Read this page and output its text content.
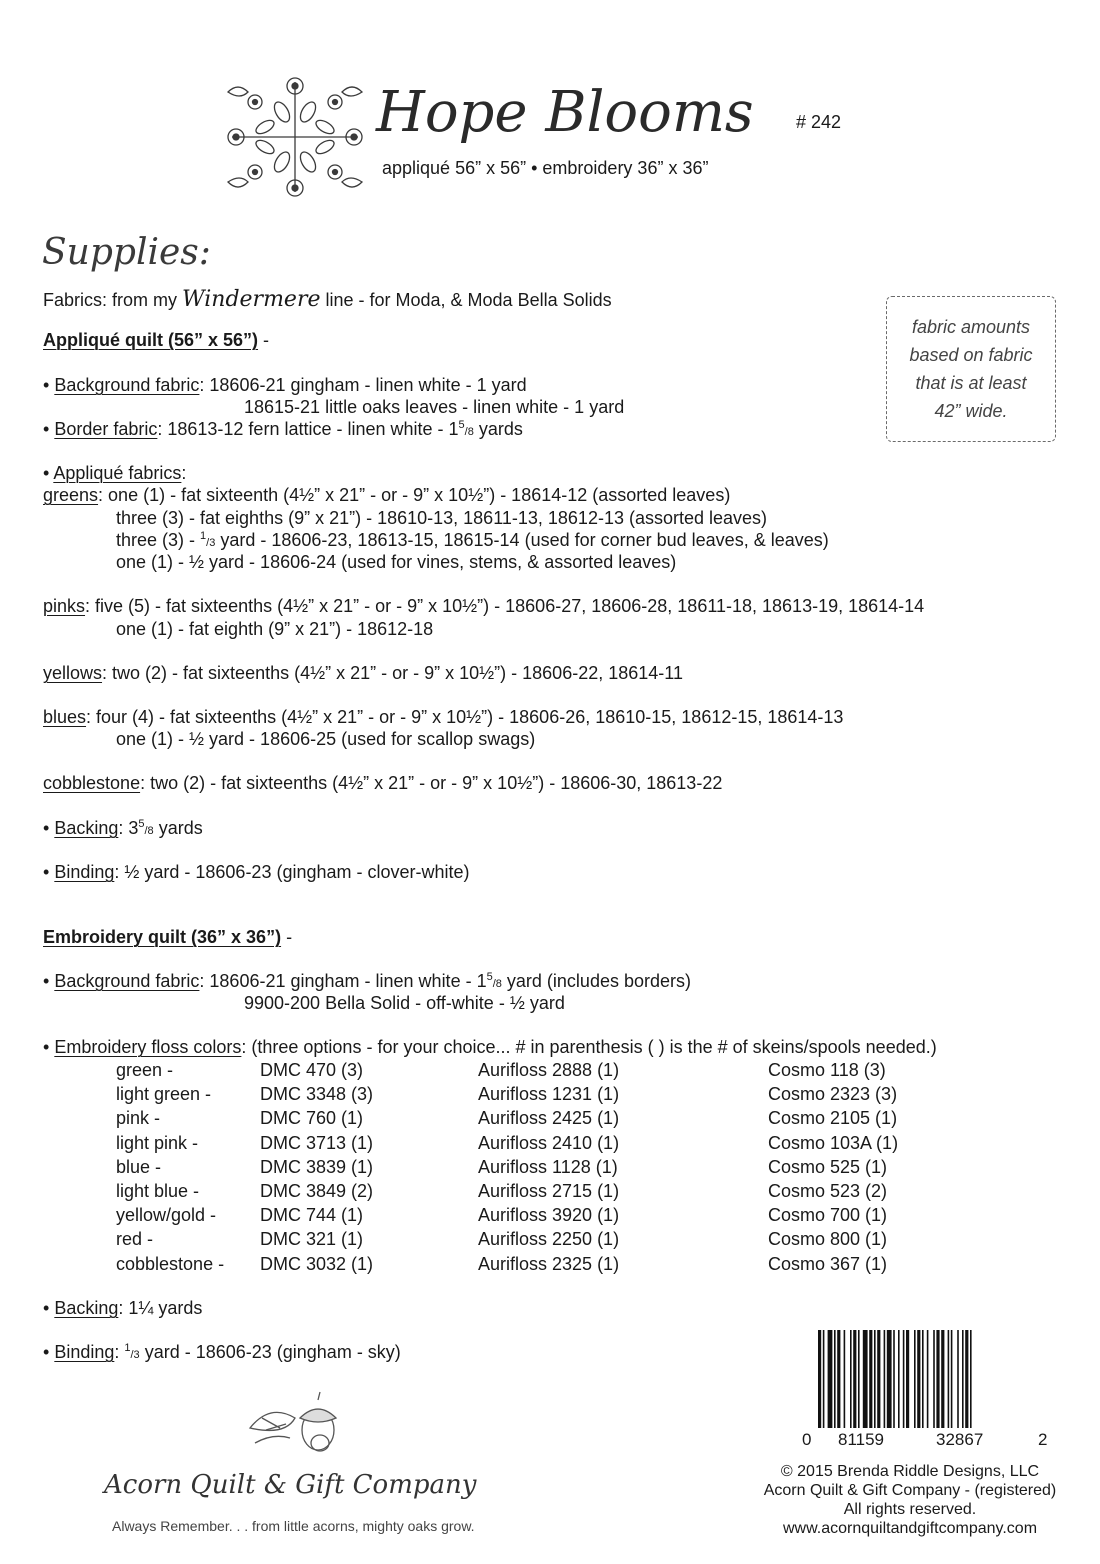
Hope Blooms # 242
appliqué 56” x 56” • embroidery 36” x 36”
Supplies:
Fabrics: from my Windermere line - for Moda, & Moda Bella Solids
fabric amounts
based on fabric
that is at least
42” wide.
Appliqué quilt (56” x 56”) -
• Background fabric: 18606-21 gingham - linen white - 1 yard
18615-21 little oaks leaves - linen white - 1 yard
• Border fabric: 18613-12 fern lattice - linen white - $1^5/8$ yards
• Appliqué fabrics:
greens: one (1) - fat sixteenth (4½” x 21” - or - 9” x 10½”) - 18614-12 (assorted leaves)
three (3) - fat eighths (9” x 21”) - 18610-13, 18611-13, 18612-13 (assorted leaves)
three (3) - $^1$/3 yard - 18606-23, 18613-15, 18615-14 (used for corner bud leaves, & leaves)
one (1) - ½ yard - 18606-24 (used for vines, stems, & assorted leaves)
pinks: five (5) - fat sixteenths (4½” x 21” - or - 9” x 10½”) - 18606-27, 18606-28, 18611-18, 18613-19, 18614-14
one (1) - fat eighth (9” x 21”) - 18612-18
yellows: two (2) - fat sixteenths (4½” x 21” - or - 9” x 10½”) - 18606-22, 18614-11
blues: four (4) - fat sixteenths (4½” x 21” - or - 9” x 10½”) - 18606-26, 18610-15, 18612-15, 18614-13
one (1) - ½ yard - 18606-25 (used for scallop swags)
cobblestone: two (2) - fat sixteenths (4½” x 21” - or - 9” x 10½”) - 18606-30, 18613-22
• Backing: $3^5/8$ yards
• Binding: ½ yard - 18606-23 (gingham - clover-white)
Embroidery quilt (36” x 36”) -
• Background fabric: 18606-21 gingham - linen white - $1^5/8$ yard (includes borders)
9900-200 Bella Solid - off-white - ½ yard
• Embroidery floss colors: (three options - for your choice... # in parenthesis ( ) is the # of skeins/spools needed.)
green -
light green -
pink -
light pink -
blue -
light blue -
yellow/gold -
red -
cobblestone -
DMC 470 (3)
DMC 3348 (3)
DMC 760 (1)
DMC 3713 (1)
DMC 3839 (1)
DMC 3849 (2)
DMC 744 (1)
DMC 321 (1)
DMC 3032 (1)
Aurifloss 2888 (1)
Aurifloss 1231 (1)
Aurifloss 2425 (1)
Aurifloss 2410 (1)
Aurifloss 1128 (1)
Aurifloss 2715 (1)
Aurifloss 3920 (1)
Aurifloss 2250 (1)
Aurifloss 2325 (1)
Cosmo 118 (3)
Cosmo 2323 (3)
Cosmo 2105 (1)
Cosmo 103A (1)
Cosmo 525 (1)
Cosmo 523 (2)
Cosmo 700 (1)
Cosmo 800 (1)
Cosmo 367 (1)
• Backing: 1¼ yards
• Binding: $^1$/3 yard - 18606-23 (gingham - sky)
Acorn Quilt & Gift Company
Always Remember. . . from little acorns, mighty oaks grow.
0 81159	32867	2
© 2015 Brenda Riddle Designs, LLC
Acorn Quilt & Gift Company - (registered)
All rights reserved.
www.acornquiltandgiftcompany.com
